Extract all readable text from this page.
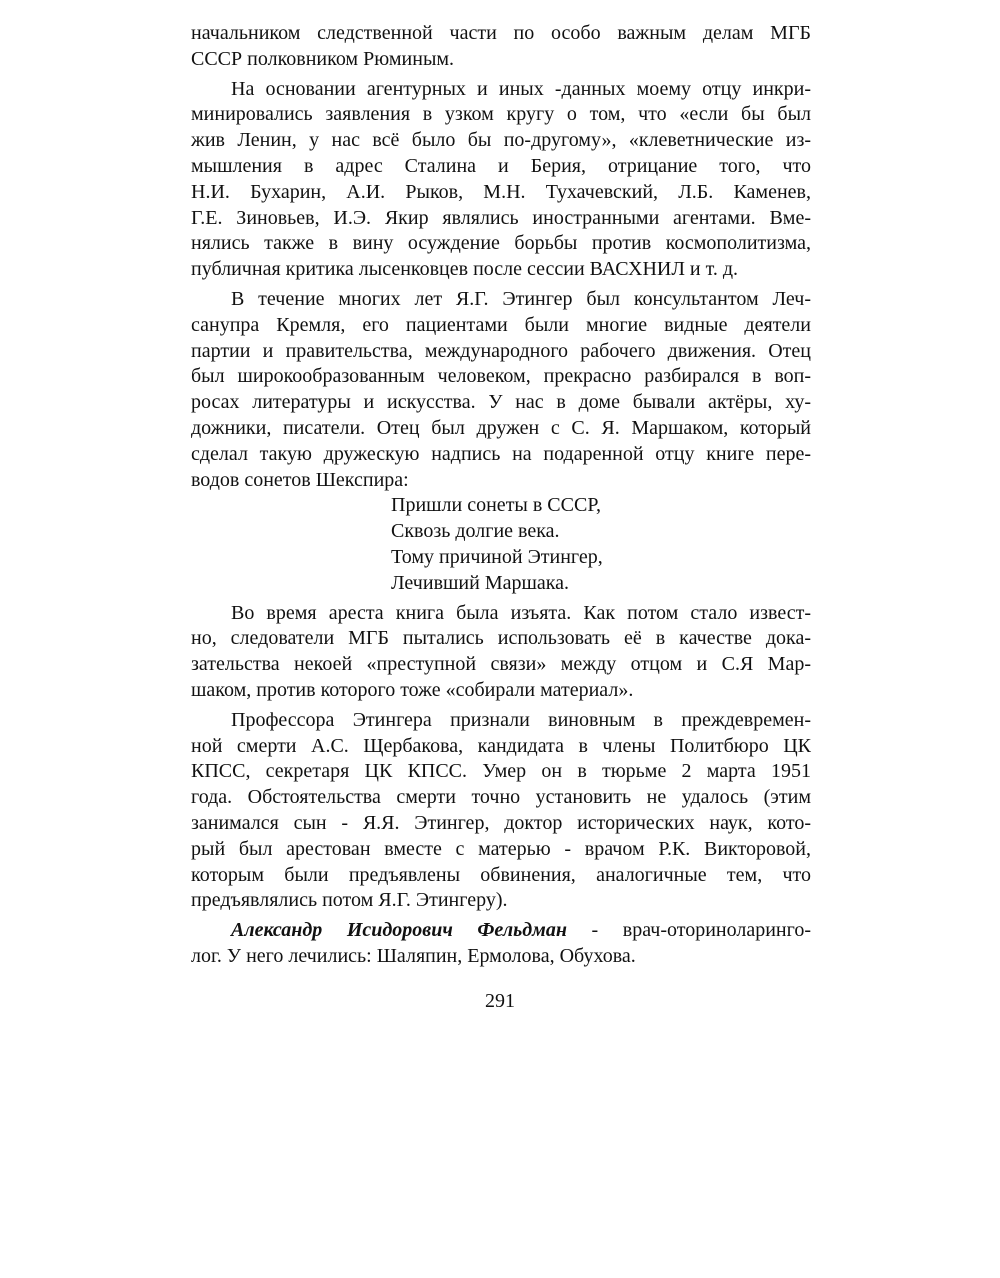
начальником следственной части по особо важным делам МГБ
СССР полковником Рюминым.
На основании агентурных и иных -данных моему отцу инкри-
минировались заявления в узком кругу о том, что «если бы был
жив Ленин, у нас всё было бы по-другому», «клеветнические из-
мышления в адрес Сталина и Берия, отрицание того, что
Н.И. Бухарин, А.И. Рыков, М.Н. Тухачевский, Л.Б. Каменев,
Г.Е. Зиновьев, И.Э. Якир являлись иностранными агентами. Вме-
нялись также в вину осуждение борьбы против космополитизма,
публичная критика лысенковцев после сессии ВАСХНИЛ и т. д.
В течение многих лет Я.Г. Этингер был консультантом Леч-
санупра Кремля, его пациентами были многие видные деятели
партии и правительства, международного рабочего движения. Отец
был широкообразованным человеком, прекрасно разбирался в воп-
росах литературы и искусства. У нас в доме бывали актёры, ху-
дожники, писатели. Отец был дружен с С. Я. Маршаком, который
сделал такую дружескую надпись на подаренной отцу книге пере-
водов сонетов Шекспира:
Пришли сонеты в СССР,
Сквозь долгие века.
Тому причиной Этингер,
Лечивший Маршака.
Во время ареста книга была изъята. Как потом стало извест-
но, следователи МГБ пытались использовать её в качестве дока-
зательства некоей «преступной связи» между отцом и С.Я Мар-
шаком, против которого тоже «собирали материал».
Профессора Этингера признали виновным в преждевремен-
ной смерти А.С. Щербакова, кандидата в члены Политбюро ЦК
КПСС, секретаря ЦК КПСС. Умер он в тюрьме 2 марта 1951
года. Обстоятельства смерти точно установить не удалось (этим
занимался сын - Я.Я. Этингер, доктор исторических наук, кото-
рый был арестован вместе с матерью - врачом Р.К. Викторовой,
которым были предъявлены обвинения, аналогичные тем, что
предъявлялись потом Я.Г. Этингеру).
Александр Исидорович Фельдман - врач-оториноларинго-
лог. У него лечились: Шаляпин, Ермолова, Обухова.
291
